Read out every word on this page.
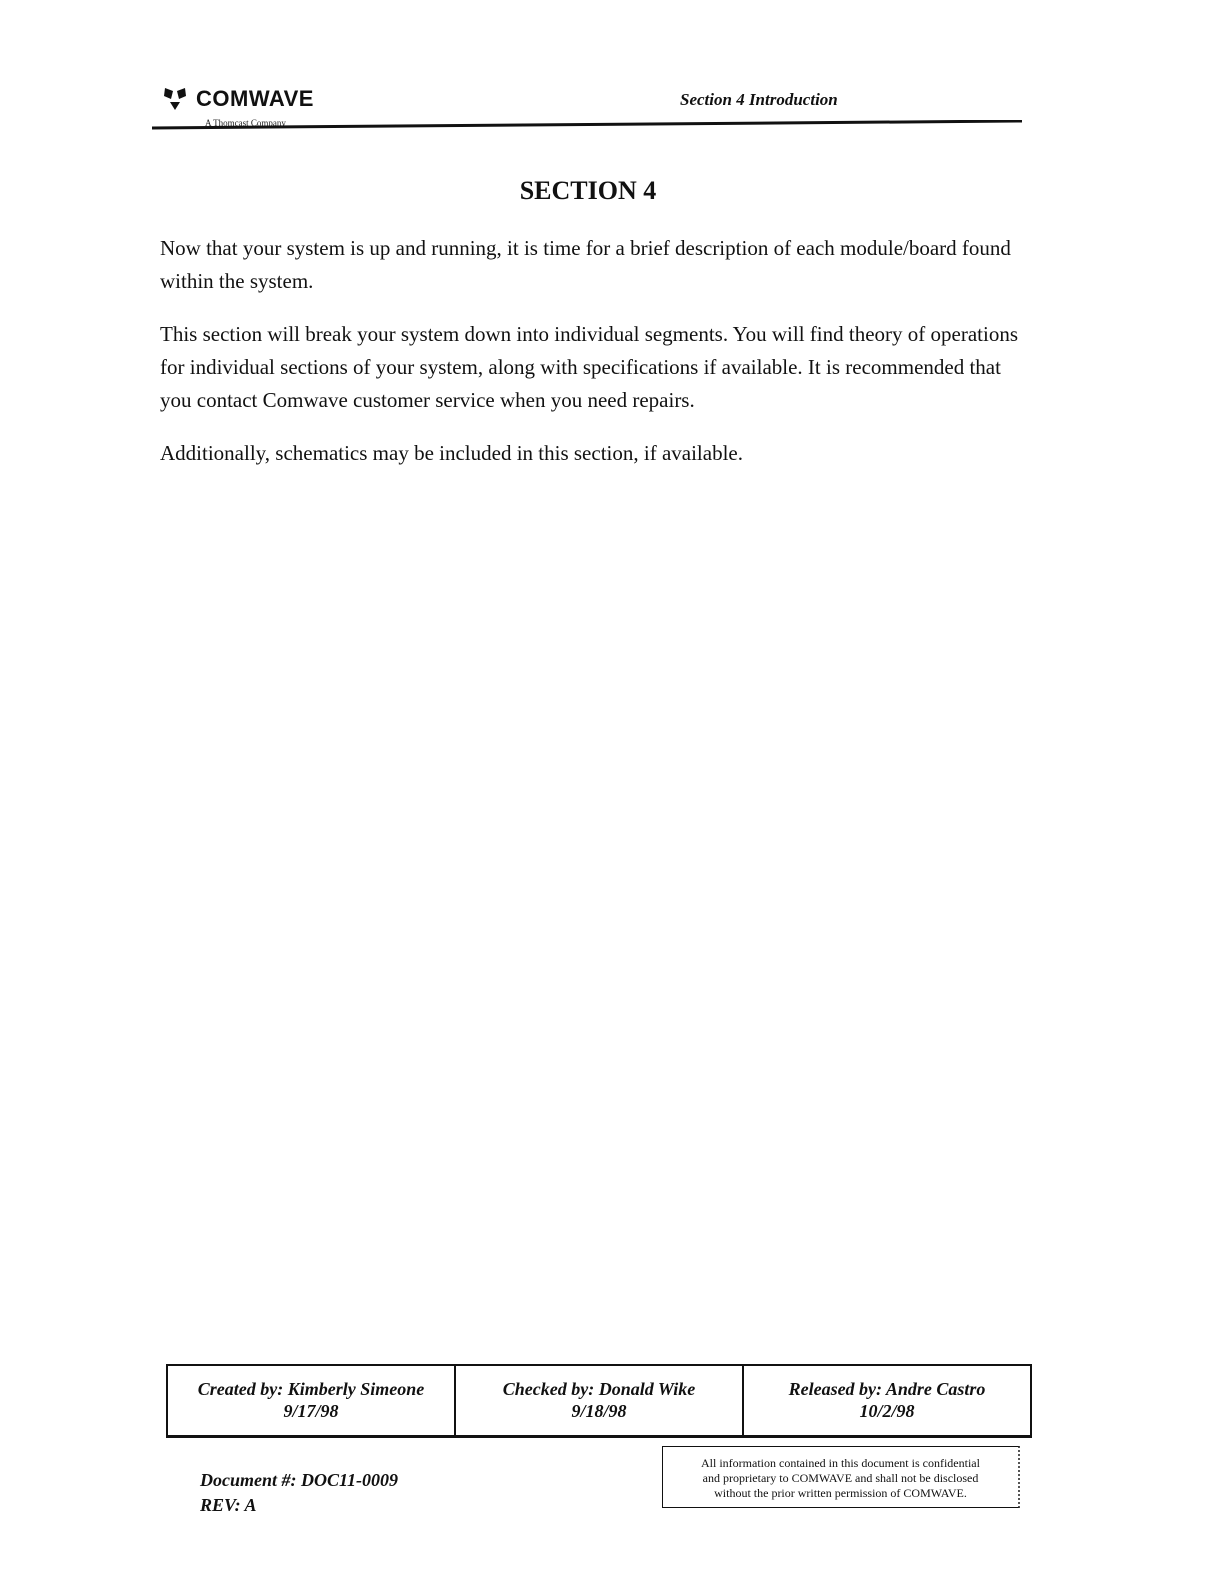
COMWAVE
A Thomcast Company
Section 4 Introduction
SECTION 4

Now that your system is up and running, it is time for a brief description of each module/board found within the system.

This section will break your system down into individual segments. You will find theory of operations for individual sections of your system, along with specifications if available. It is recommended that you contact Comwave customer service when you need repairs.

Additionally, schematics may be included in this section, if available.

Created by: Kimberly Simeone
9/17/98
Checked by: Donald Wike
9/18/98
Released by: Andre Castro
10/2/98
Document #: DOC11-0009
REV: A
All information contained in this document is confidential
and proprietary to COMWAVE and shall not be disclosed
without the prior written permission of COMWAVE.
